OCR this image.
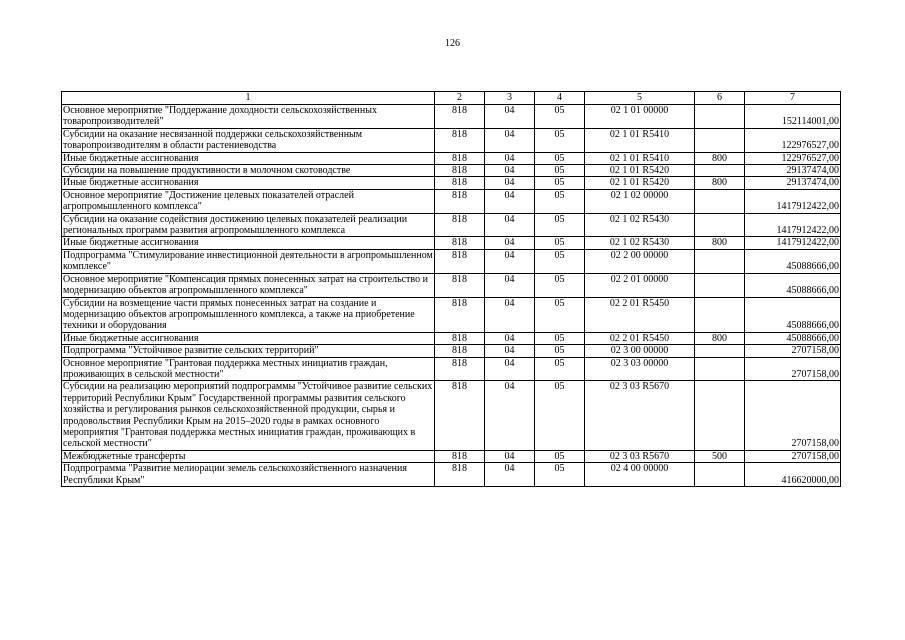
126
1	2	3	4	5	6	7
Основное мероприятие "Поддержание доходности сельскохозяйственных товаропроизводителей"	818	04	05	02 1 01 00000		152114001,00
Субсидии на оказание несвязанной поддержки сельскохозяйственным товаропроизводителям в области растениеводства	818	04	05	02 1 01 R5410		122976527,00
Иные бюджетные ассигнования	818	04	05	02 1 01 R5410	800	122976527,00
Субсидии на повышение продуктивности в молочном скотоводстве	818	04	05	02 1 01 R5420		29137474,00
Иные бюджетные ассигнования	818	04	05	02 1 01 R5420	800	29137474,00
Основное мероприятие "Достижение целевых показателей отраслей агропромышленного комплекса"	818	04	05	02 1 02 00000		1417912422,00
Субсидии на оказание содействия достижению целевых показателей реализации региональных программ развития агропромышленного комплекса	818	04	05	02 1 02 R5430		1417912422,00
Иные бюджетные ассигнования	818	04	05	02 1 02 R5430	800	1417912422,00
Подпрограмма "Стимулирование инвестиционной деятельности в агропромышленном комплексе"	818	04	05	02 2 00 00000		45088666,00
Основное мероприятие "Компенсация прямых понесенных затрат на строительство и модернизацию объектов агропромышленного комплекса"	818	04	05	02 2 01 00000		45088666,00
Субсидии на возмещение части прямых понесенных затрат на создание и модернизацию объектов агропромышленного комплекса, а также на приобретение техники и оборудования	818	04	05	02 2 01 R5450		45088666,00
Иные бюджетные ассигнования	818	04	05	02 2 01 R5450	800	45088666,00
Подпрограмма "Устойчивое развитие сельских территорий"	818	04	05	02 3 00 00000		2707158,00
Основное мероприятие "Грантовая поддержка местных инициатив граждан, проживающих в сельской местности"	818	04	05	02 3 03 00000		2707158,00
Субсидии на реализацию мероприятий подпрограммы "Устойчивое развитие сельских территорий Республики Крым" Государственной программы развития сельского хозяйства и регулирования рынков сельскохозяйственной продукции, сырья и продовольствия Республики Крым на 2015–2020 годы в рамках основного мероприятия "Грантовая поддержка местных инициатив граждан, проживающих в сельской местности"	818	04	05	02 3 03 R5670		2707158,00
Межбюджетные трансферты	818	04	05	02 3 03 R5670	500	2707158,00
Подпрограмма "Развитие мелиорации земель сельскохозяйственного назначения Республики Крым"	818	04	05	02 4 00 00000		416620000,00
